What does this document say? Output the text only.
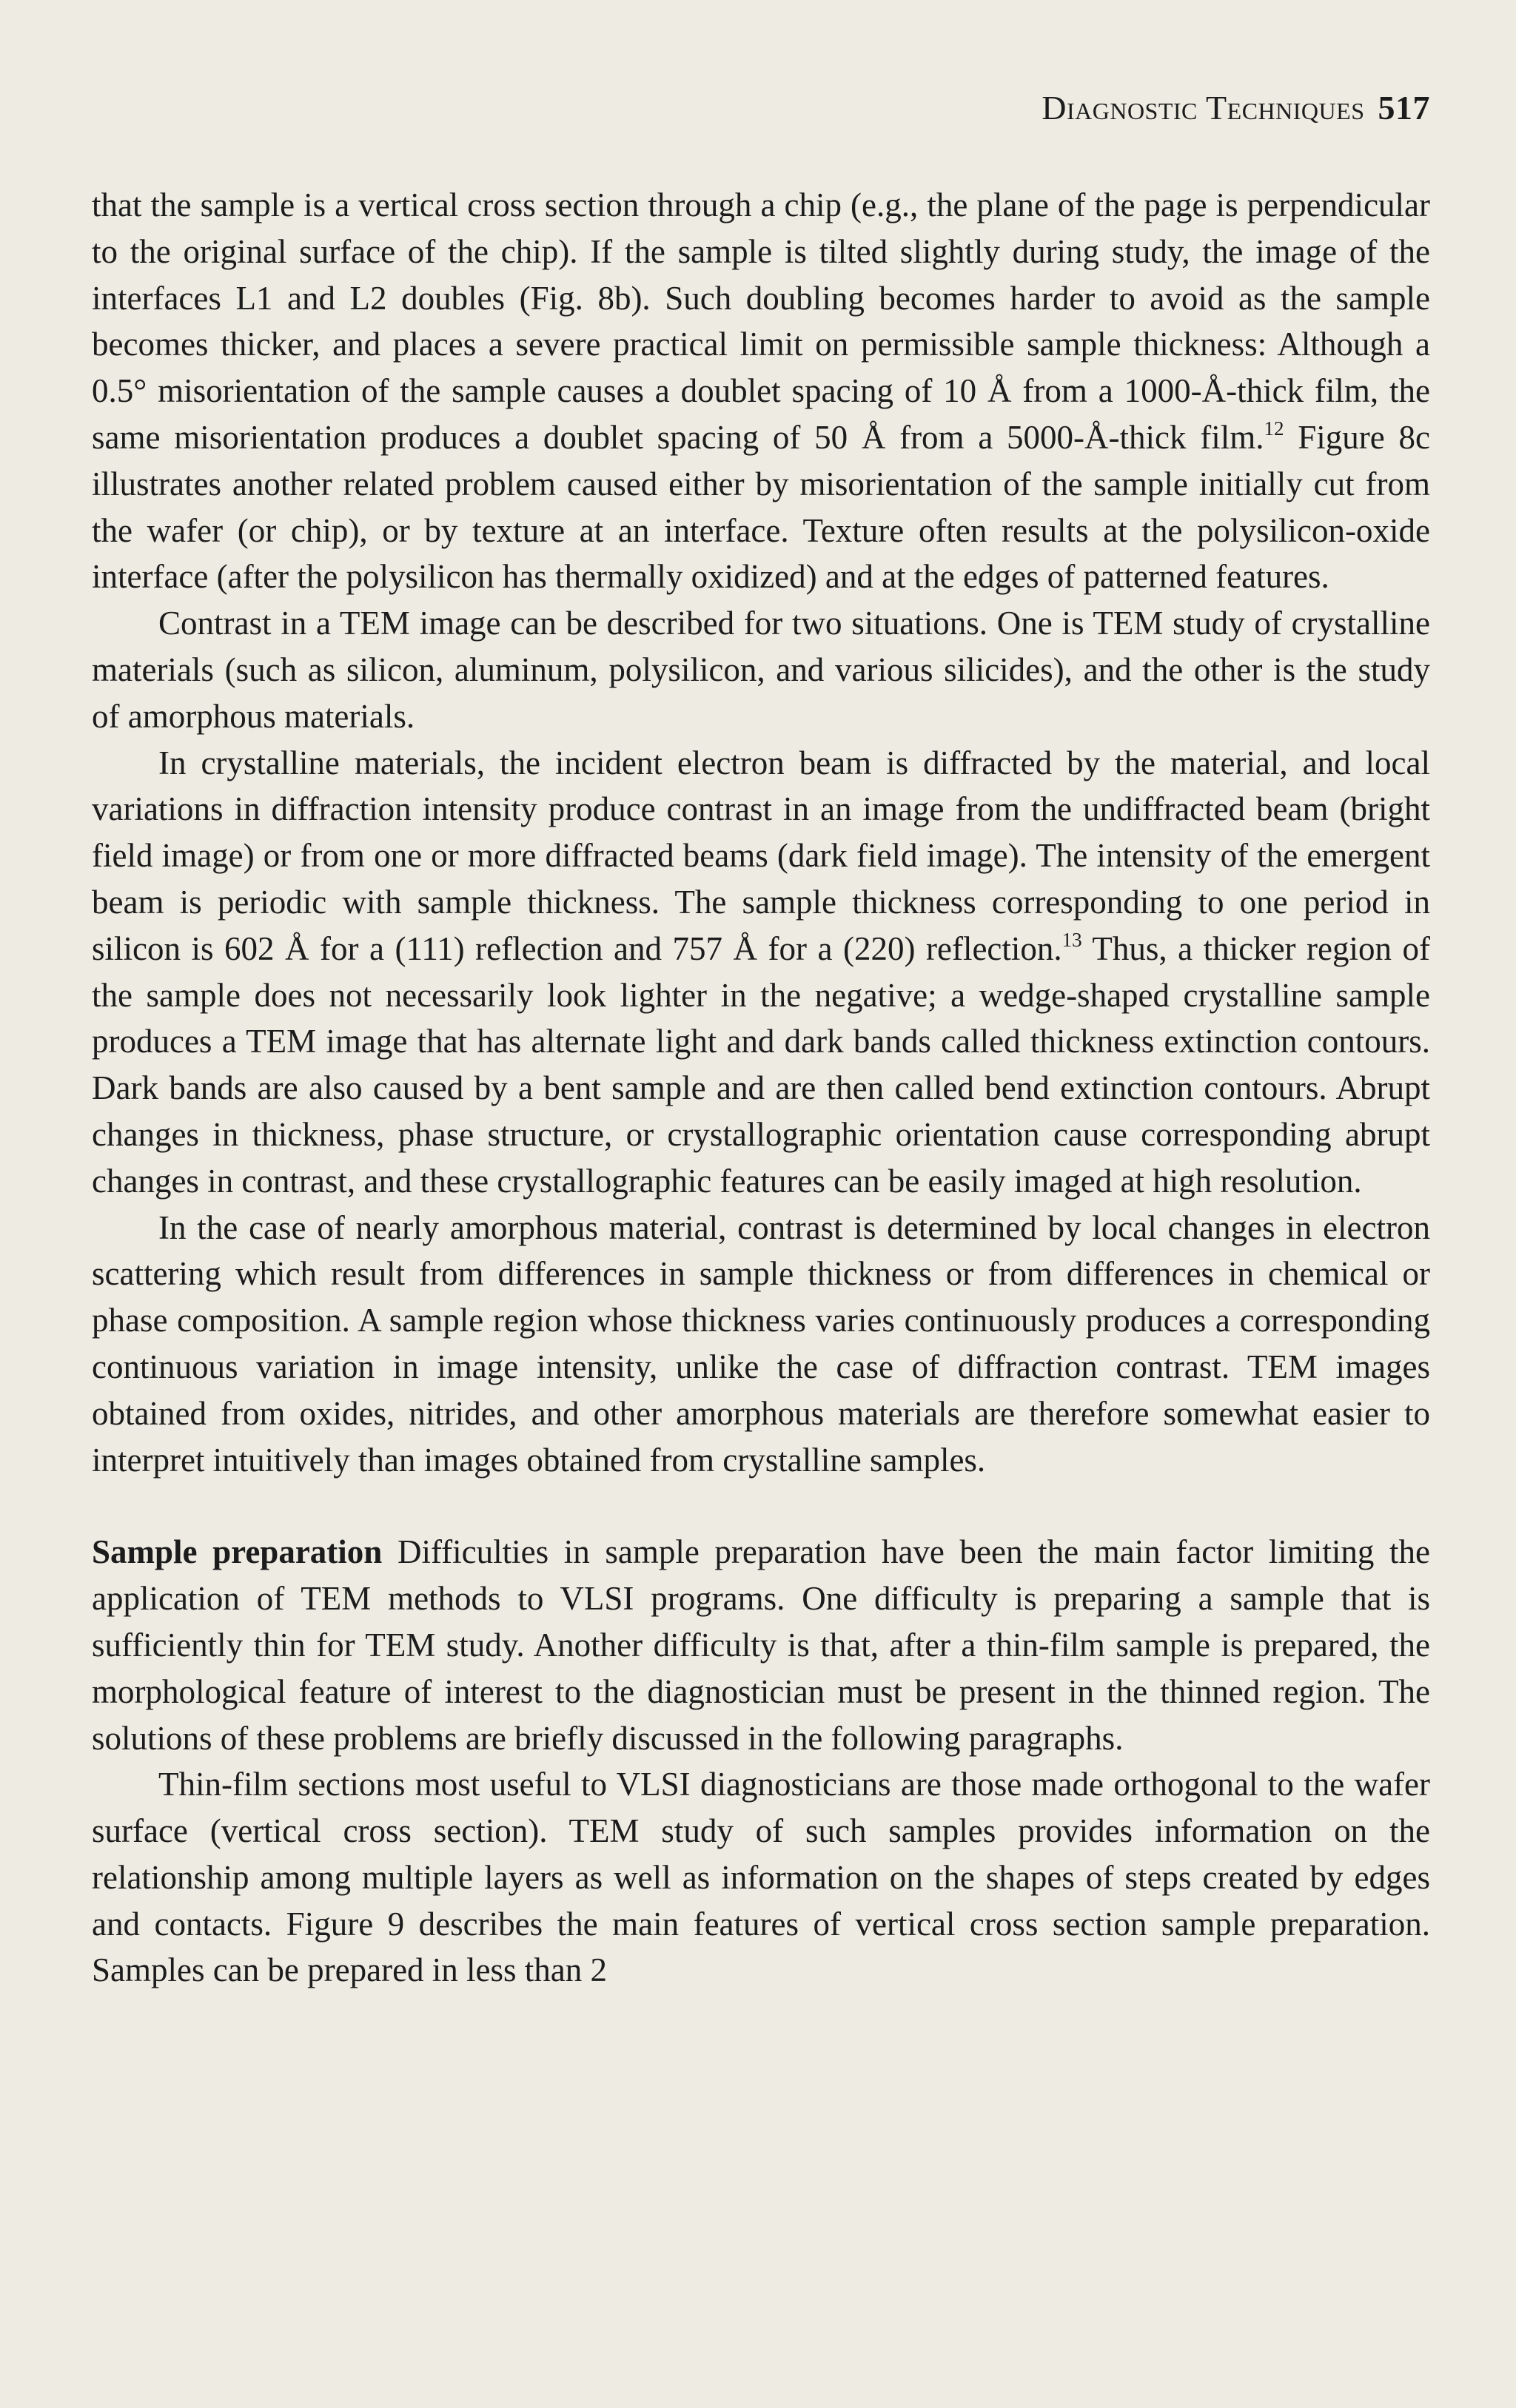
Diagnostic Techniques 517

that the sample is a vertical cross section through a chip (e.g., the plane of the page is perpendicular to the original surface of the chip). If the sample is tilted slightly during study, the image of the interfaces L1 and L2 doubles (Fig. 8b). Such doubling becomes harder to avoid as the sample becomes thicker, and places a severe practical limit on permissible sample thickness: Although a 0.5° misorientation of the sample causes a doublet spacing of 10 Å from a 1000-Å-thick film, the same misorientation produces a doublet spacing of 50 Å from a 5000-Å-thick film.$^{12}$ Figure 8c illustrates another related problem caused either by misorientation of the sample initially cut from the wafer (or chip), or by texture at an interface. Texture often results at the polysilicon-oxide interface (after the polysilicon has thermally oxidized) and at the edges of patterned features.

Contrast in a TEM image can be described for two situations. One is TEM study of crystalline materials (such as silicon, aluminum, polysilicon, and various silicides), and the other is the study of amorphous materials.

In crystalline materials, the incident electron beam is diffracted by the material, and local variations in diffraction intensity produce contrast in an image from the undiffracted beam (bright field image) or from one or more diffracted beams (dark field image). The intensity of the emergent beam is periodic with sample thickness. The sample thickness corresponding to one period in silicon is 602 Å for a (111) reflection and 757 Å for a (220) reflection.$^{13}$ Thus, a thicker region of the sample does not necessarily look lighter in the negative; a wedge-shaped crystalline sample produces a TEM image that has alternate light and dark bands called thickness extinction contours. Dark bands are also caused by a bent sample and are then called bend extinction contours. Abrupt changes in thickness, phase structure, or crystallographic orientation cause corresponding abrupt changes in contrast, and these crystallographic features can be easily imaged at high resolution.

In the case of nearly amorphous material, contrast is determined by local changes in electron scattering which result from differences in sample thickness or from differences in chemical or phase composition. A sample region whose thickness varies continuously produces a corresponding continuous variation in image intensity, unlike the case of diffraction contrast. TEM images obtained from oxides, nitrides, and other amorphous materials are therefore somewhat easier to interpret intuitively than images obtained from crystalline samples.

Sample preparation Difficulties in sample preparation have been the main factor limiting the application of TEM methods to VLSI programs. One difficulty is preparing a sample that is sufficiently thin for TEM study. Another difficulty is that, after a thin-film sample is prepared, the morphological feature of interest to the diagnostician must be present in the thinned region. The solutions of these problems are briefly discussed in the following paragraphs.

Thin-film sections most useful to VLSI diagnosticians are those made orthogonal to the wafer surface (vertical cross section). TEM study of such samples provides information on the relationship among multiple layers as well as information on the shapes of steps created by edges and contacts. Figure 9 describes the main features of vertical cross section sample preparation. Samples can be prepared in less than 2
